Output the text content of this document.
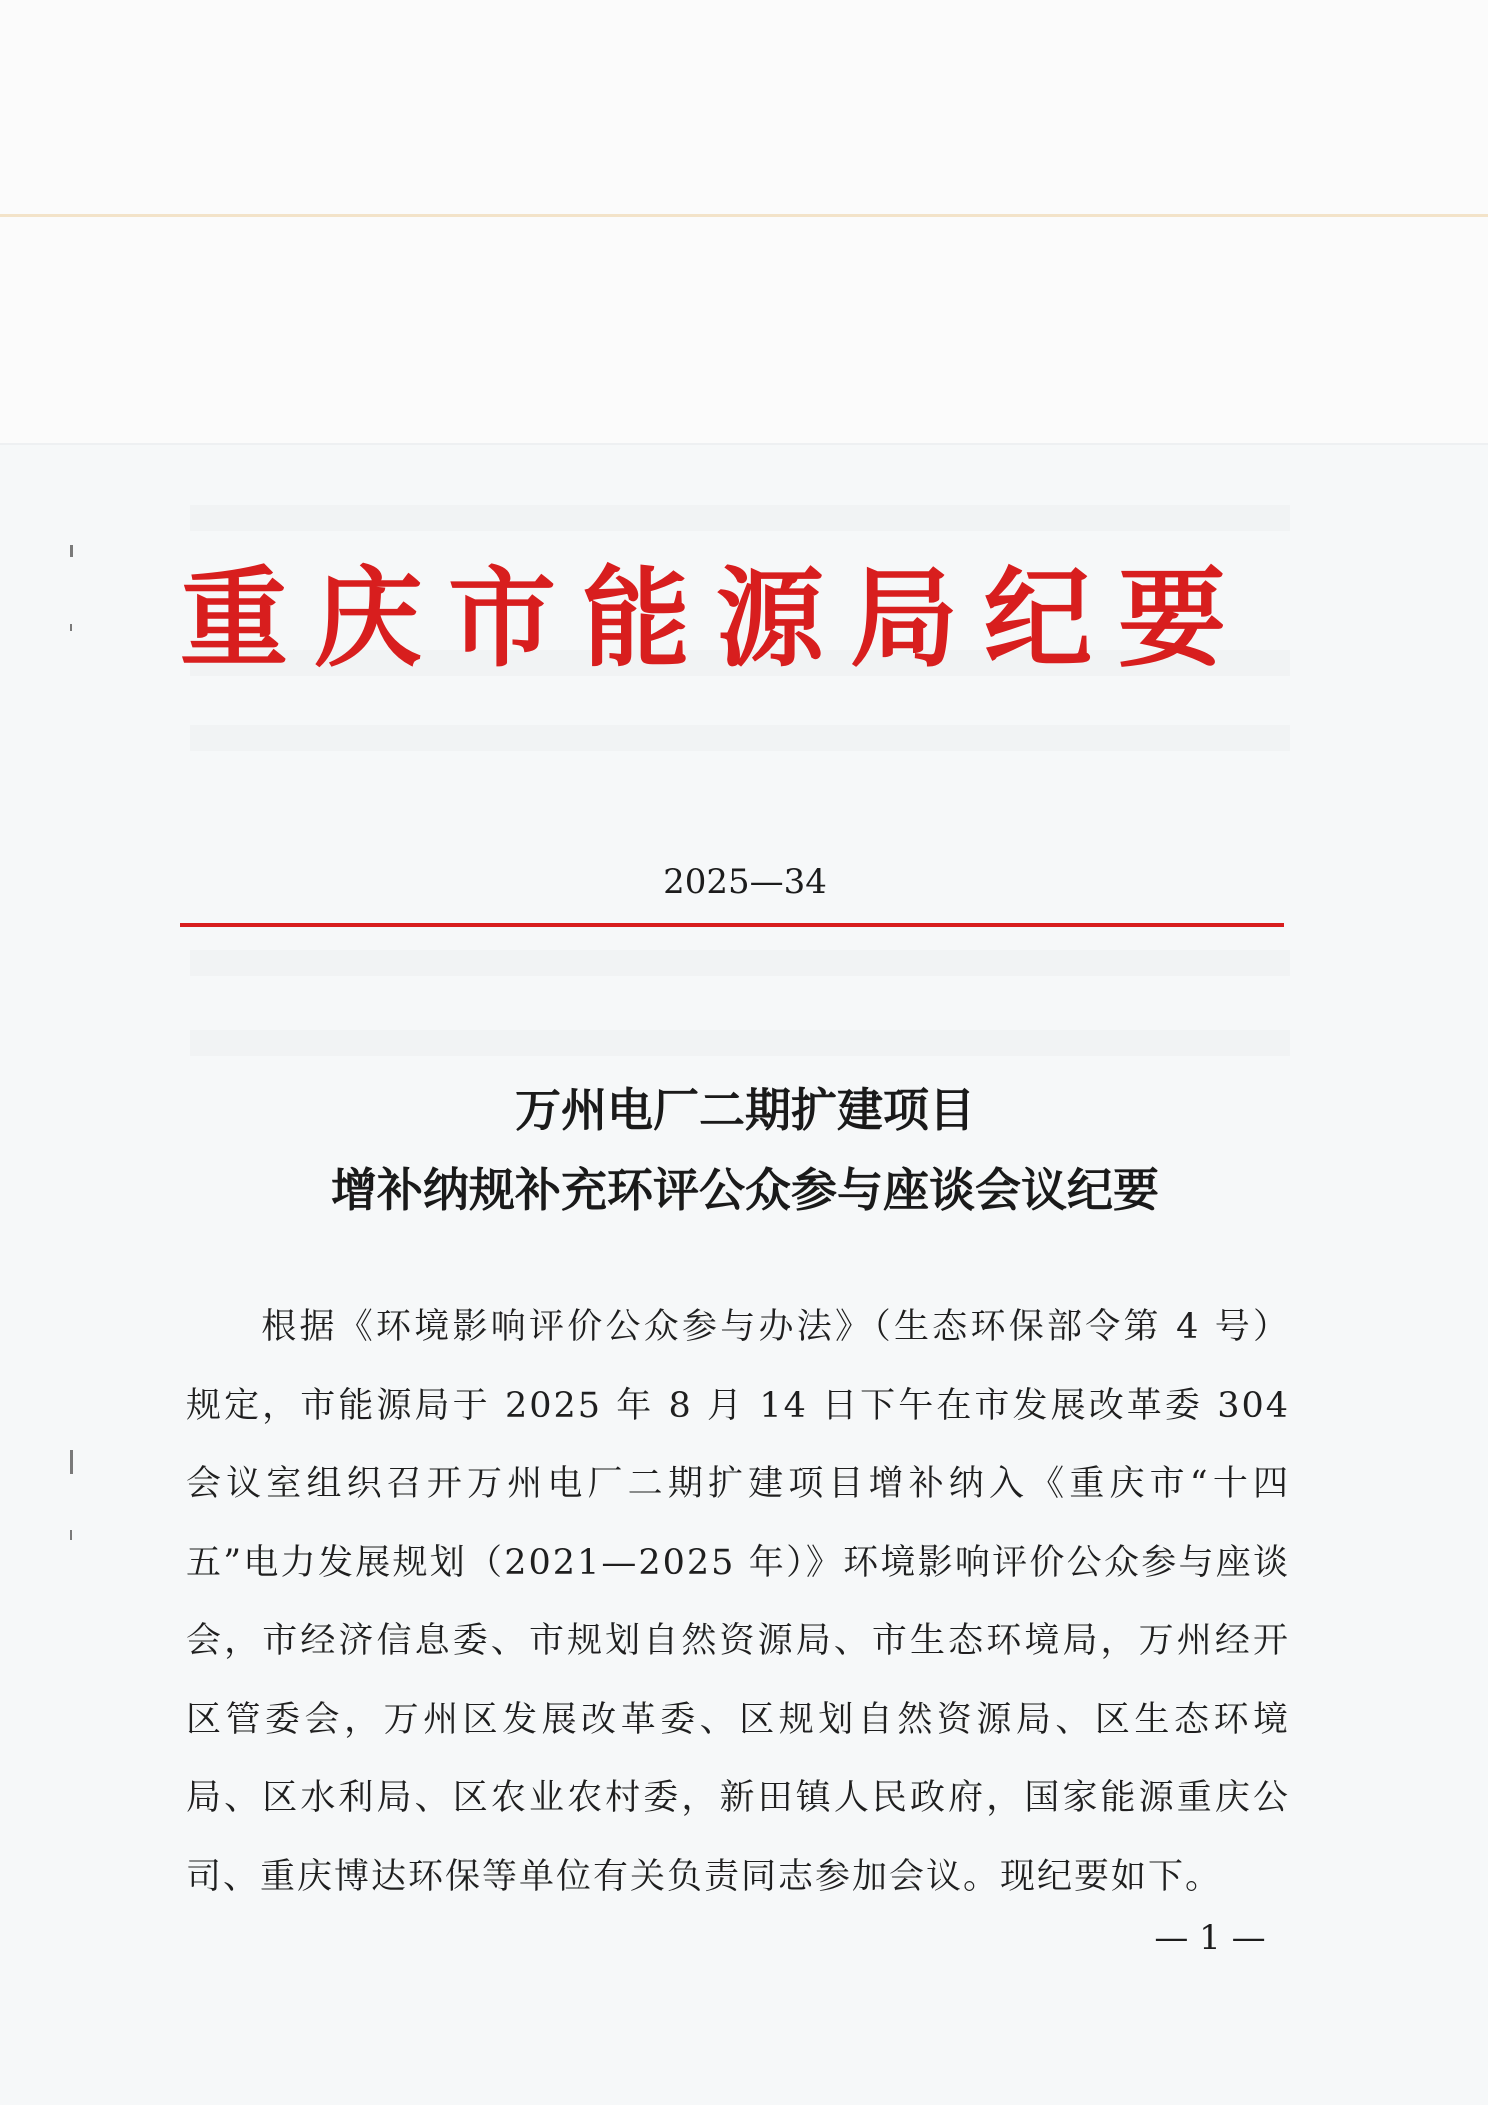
重庆市能源局纪要
2025—34
万州电厂二期扩建项目
增补纳规补充环评公众参与座谈会议纪要

根据《环境影响评价公众参与办法》（生态环保部令第 4 号）规定，市能源局于 2025 年 8 月 14 日下午在市发展改革委 304 会议室组织召开万州电厂二期扩建项目增补纳入《重庆市“十四五”电力发展规划（2021—2025 年）》环境影响评价公众参与座谈会，市经济信息委、市规划自然资源局、市生态环境局，万州经开区管委会，万州区发展改革委、区规划自然资源局、区生态环境局、区水利局、区农业农村委，新田镇人民政府，国家能源重庆公司、重庆博达环保等单位有关负责同志参加会议。现纪要如下。

— 1 —
